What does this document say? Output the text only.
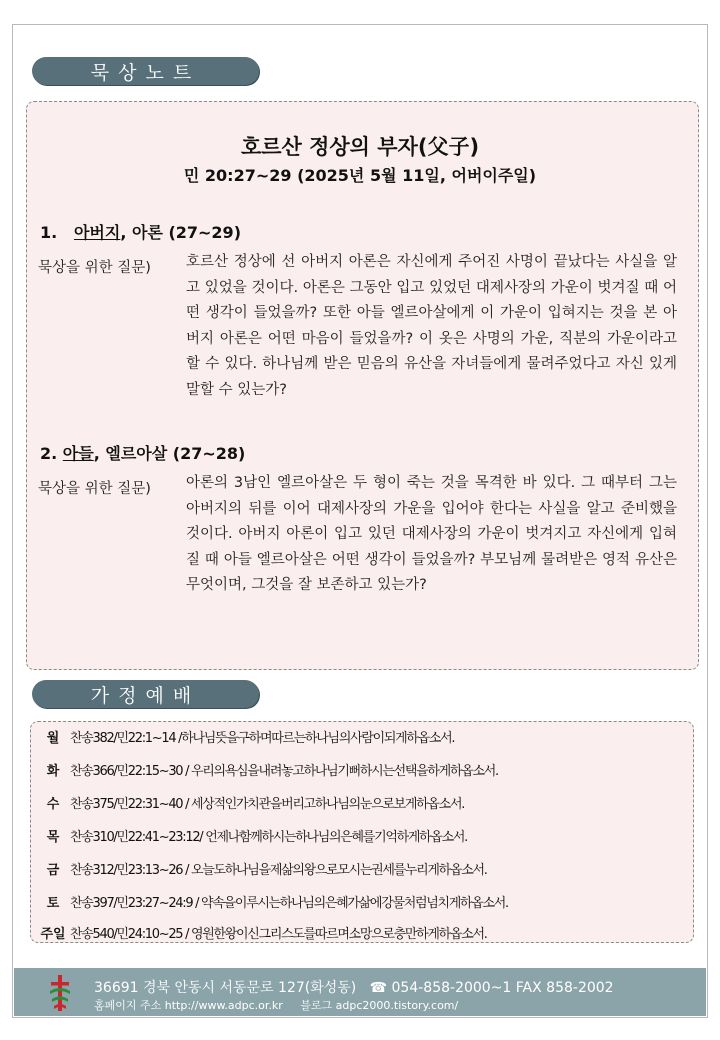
묵상노트
호르산 정상의 부자(父子)
민 20:27~29 (2025년 5월 11일, 어버이주일)
1. 아버지, 아론 (27~29)
묵상을 위한 질문) 호르산 정상에 선 아버지 아론은 자신에게 주어진 사명이 끝났다는 사실을 알고 있었을 것이다. 아론은 그동안 입고 있었던 대제사장의 가운이 벗겨질 때 어떤 생각이 들었을까? 또한 아들 엘르아살에게 이 가운이 입혀지는 것을 본 아버지 아론은 어떤 마음이 들었을까? 이 옷은 사명의 가운, 직분의 가운이라고 할 수 있다. 하나님께 받은 믿음의 유산을 자녀들에게 물려주었다고 자신 있게 말할 수 있는가?
2. 아들, 엘르아살 (27~28)
묵상을 위한 질문) 아론의 3남인 엘르아살은 두 형이 죽는 것을 목격한 바 있다. 그 때부터 그는 아버지의 뒤를 이어 대제사장의 가운을 입어야 한다는 사실을 알고 준비했을 것이다. 아버지 아론이 입고 있던 대제사장의 가운이 벗겨지고 자신에게 입혀질 때 아들 엘르아살은 어떤 생각이 들었을까? 부모님께 물려받은 영적 유산은 무엇이며, 그것을 잘 보존하고 있는가?
가정예배
월 찬송382/민22:1~14 /하나님뜻을구하며따르는하나님의사람이되게하옵소서.
화 찬송366/민22:15~30 / 우리의욕심을내려놓고하나님기뻐하시는선택을하게하옵소서.
수 찬송375/민22:31~40 / 세상적인가치관을버리고하나님의눈으로보게하옵소서.
목 찬송310/민22:41~23:12/ 언제나함께하시는하나님의은혜를기억하게하옵소서.
금 찬송312/민23:13~26 / 오늘도하나님을제삶의왕으로모시는권세를누리게하옵소서.
토 찬송397/민23:27~24:9 / 약속을이루시는하나님의은혜가삶에강물처럼넘치게하옵소서.
주일 찬송540/민24:10~25 / 영원한왕이신그리스도를따르며소망으로충만하게하옵소서.
36691 경북 안동시 서동문로 127(화성동) ☎ 054-858-2000~1 FAX 858-2002
홈페이지 주소 http://www.adpc.or.kr 블로그 adpc2000.tistory.com/
